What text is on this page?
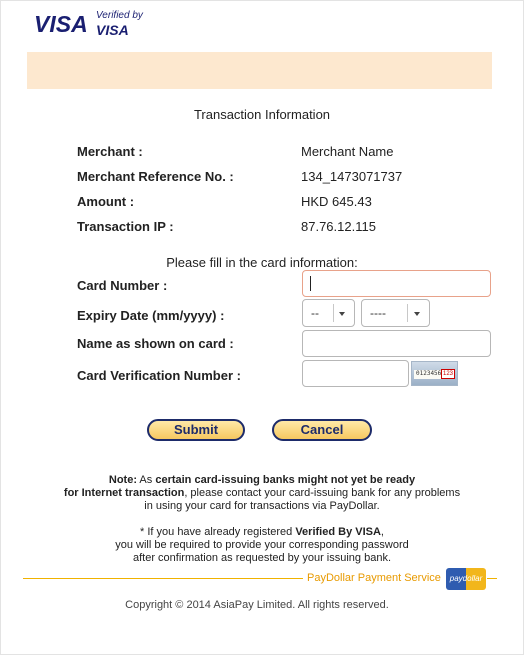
VISA Verified by
VISA
Transaction Information
Merchant :	Merchant Name
Merchant Reference No. :	134_1473071737
Amount :	HKD 645.43
Transaction IP :	87.76.12.115
Please fill in the card information:
Card Number :
Expiry Date (mm/yyyy) :	--	----
Name as shown on card :
Card Verification Number :	0123456 123
Submit	Cancel
Note: As certain card-issuing banks might not yet be ready
for Internet transaction, please contact your card-issuing bank for any problems
in using your card for transactions via PayDollar.
* If you have already registered Verified By VISA,
you will be required to provide your corresponding password
after confirmation as requested by your issuing bank.
PayDollar Payment Service	paydollar
Copyright © 2014 AsiaPay Limited. All rights reserved.
